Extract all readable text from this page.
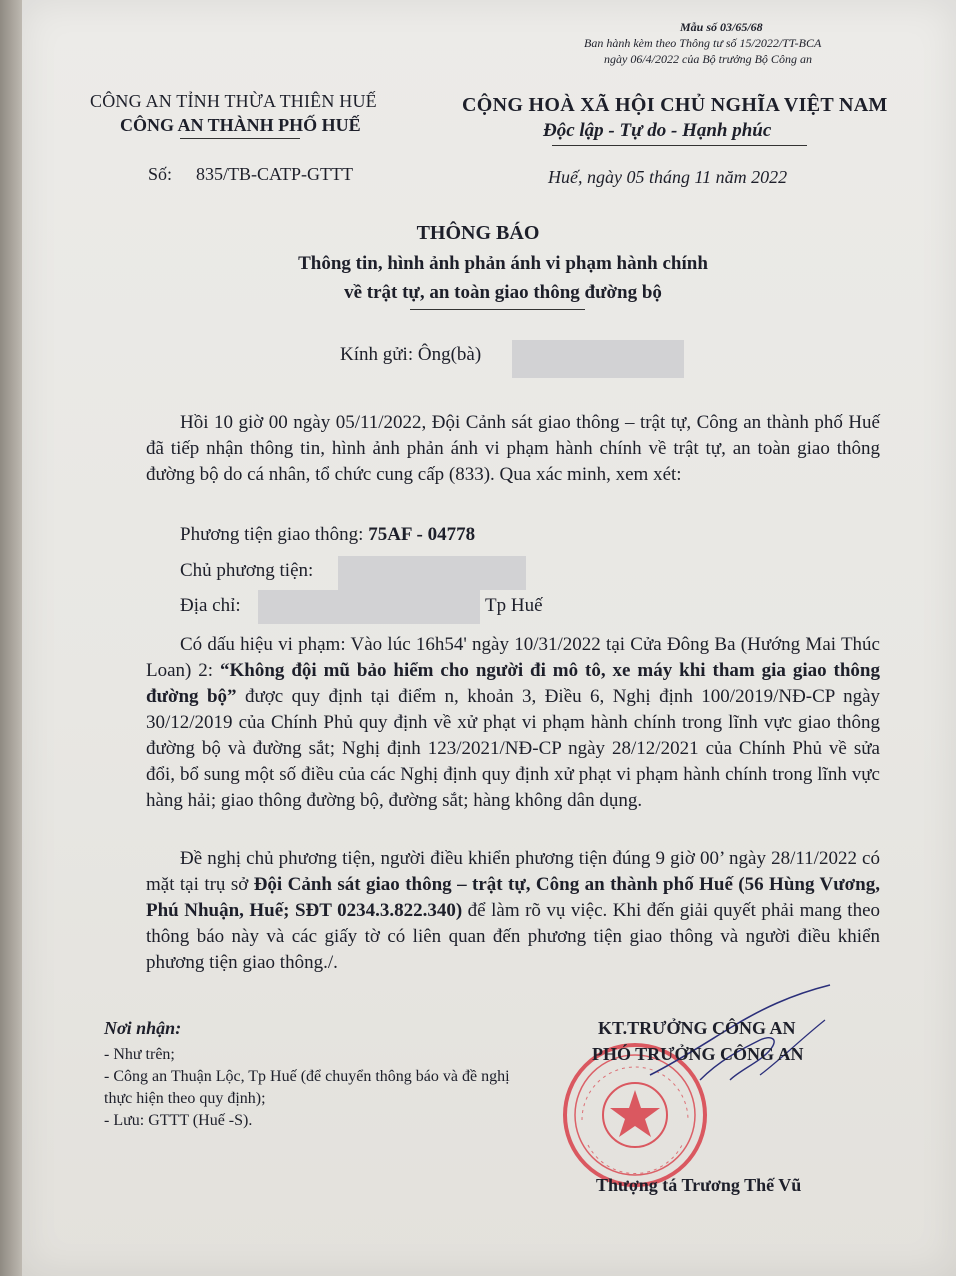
Mẫu số 03/65/68
Ban hành kèm theo Thông tư số 15/2022/TT-BCA
ngày 06/4/2022 của Bộ trưởng Bộ Công an
CÔNG AN TỈNH THỪA THIÊN HUẾ
CÔNG AN THÀNH PHỐ HUẾ
CỘNG HOÀ XÃ HỘI CHỦ NGHĨA VIỆT NAM
Độc lập - Tự do - Hạnh phúc
Số: 835/TB-CATP-GTTT	Huế, ngày 05 tháng 11 năm 2022
THÔNG BÁO
Thông tin, hình ảnh phản ánh vi phạm hành chính
về trật tự, an toàn giao thông đường bộ
Kính gửi: Ông(bà)
Hồi 10 giờ 00 ngày 05/11/2022, Đội Cảnh sát giao thông – trật tự, Công an thành phố Huế đã tiếp nhận thông tin, hình ảnh phản ánh vi phạm hành chính về trật tự, an toàn giao thông đường bộ do cá nhân, tổ chức cung cấp (833). Qua xác minh, xem xét:
Phương tiện giao thông: 75AF - 04778
Chủ phương tiện:
Địa chỉ:	Tp Huế
Có dấu hiệu vi phạm: Vào lúc 16h54' ngày 10/31/2022 tại Cửa Đông Ba (Hướng Mai Thúc Loan) 2: “Không đội mũ bảo hiểm cho người đi mô tô, xe máy khi tham gia giao thông đường bộ” được quy định tại điểm n, khoản 3, Điều 6, Nghị định 100/2019/NĐ-CP ngày 30/12/2019 của Chính Phủ quy định về xử phạt vi phạm hành chính trong lĩnh vực giao thông đường bộ và đường sắt; Nghị định 123/2021/NĐ-CP ngày 28/12/2021 của Chính Phủ về sửa đổi, bổ sung một số điều của các Nghị định quy định xử phạt vi phạm hành chính trong lĩnh vực hàng hải; giao thông đường bộ, đường sắt; hàng không dân dụng.
Đề nghị chủ phương tiện, người điều khiển phương tiện đúng 9 giờ 00’ ngày 28/11/2022 có mặt tại trụ sở Đội Cảnh sát giao thông – trật tự, Công an thành phố Huế (56 Hùng Vương, Phú Nhuận, Huế; SĐT 0234.3.822.340) để làm rõ vụ việc. Khi đến giải quyết phải mang theo thông báo này và các giấy tờ có liên quan đến phương tiện giao thông và người điều khiển phương tiện giao thông./.
Nơi nhận:
- Như trên;
- Công an Thuận Lộc, Tp Huế (để chuyển thông báo và đề nghị thực hiện theo quy định);
- Lưu: GTTT (Huế -S).
KT.TRƯỞNG CÔNG AN
PHÓ TRƯỞNG CÔNG AN
Thượng tá Trương Thế Vũ
